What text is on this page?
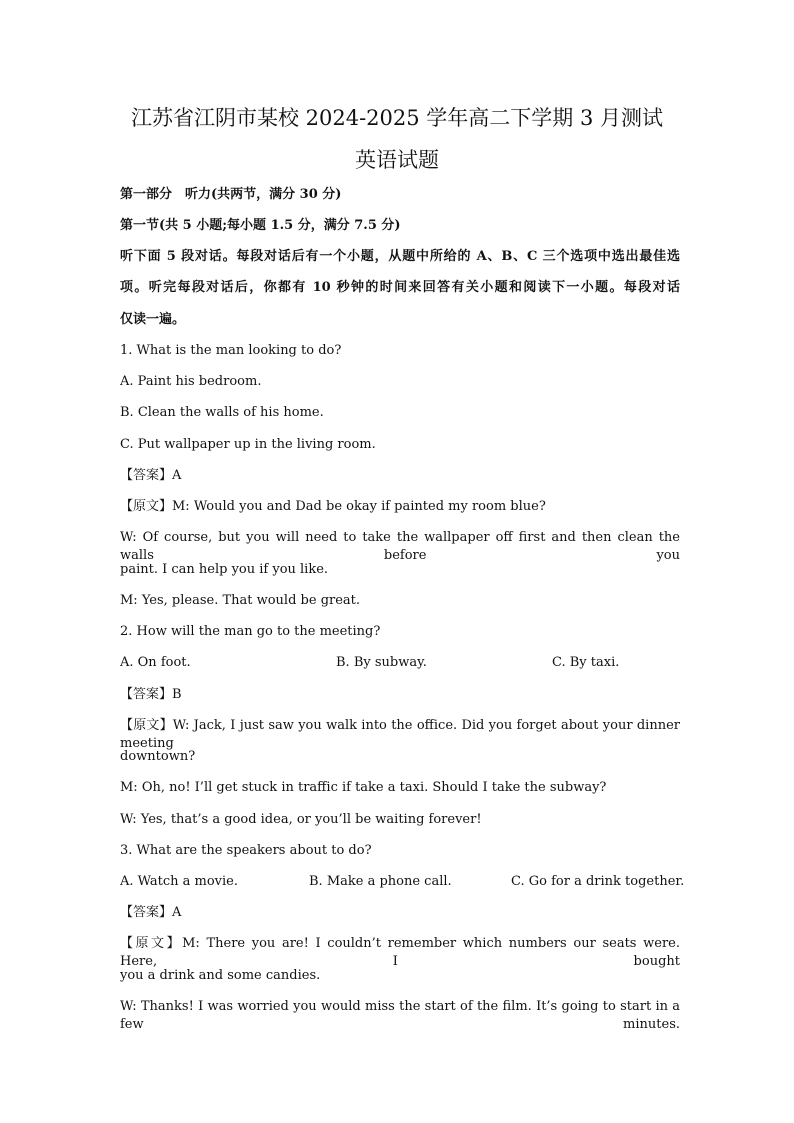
江苏省江阴市某校 2024-2025 学年高二下学期 3 月测试
英语试题
第一部分　听力(共两节，满分 30 分)
第一节(共 5 小题;每小题 1.5 分，满分 7.5 分)
听下面 5 段对话。每段对话后有一个小题，从题中所给的 A、B、C 三个选项中选出最佳选
项。听完每段对话后，你都有 10 秒钟的时间来回答有关小题和阅读下一小题。每段对话
仅读一遍。
1. What is the man looking to do?
A. Paint his bedroom.
B. Clean the walls of his home.
C. Put wallpaper up in the living room.
【答案】A
【原文】M: Would you and Dad be okay if painted my room blue?
W: Of course, but you will need to take the wallpaper off first and then clean the walls before you
paint. I can help you if you like.
M: Yes, please. That would be great.
2. How will the man go to the meeting?
A. On foot.	B. By subway.	C. By taxi.
【答案】B
【原文】W: Jack, I just saw you walk into the office. Did you forget about your dinner meeting
downtown?
M: Oh, no! I’ll get stuck in traffic if take a taxi. Should I take the subway?
W: Yes, that’s a good idea, or you’ll be waiting forever!
3. What are the speakers about to do?
A. Watch a movie.	B. Make a phone call.	C. Go for a drink together.
【答案】A
【原文】M: There you are! I couldn’t remember which numbers our seats were. Here, I bought
you a drink and some candies.
W: Thanks! I was worried you would miss the start of the film. It’s going to start in a few minutes.
